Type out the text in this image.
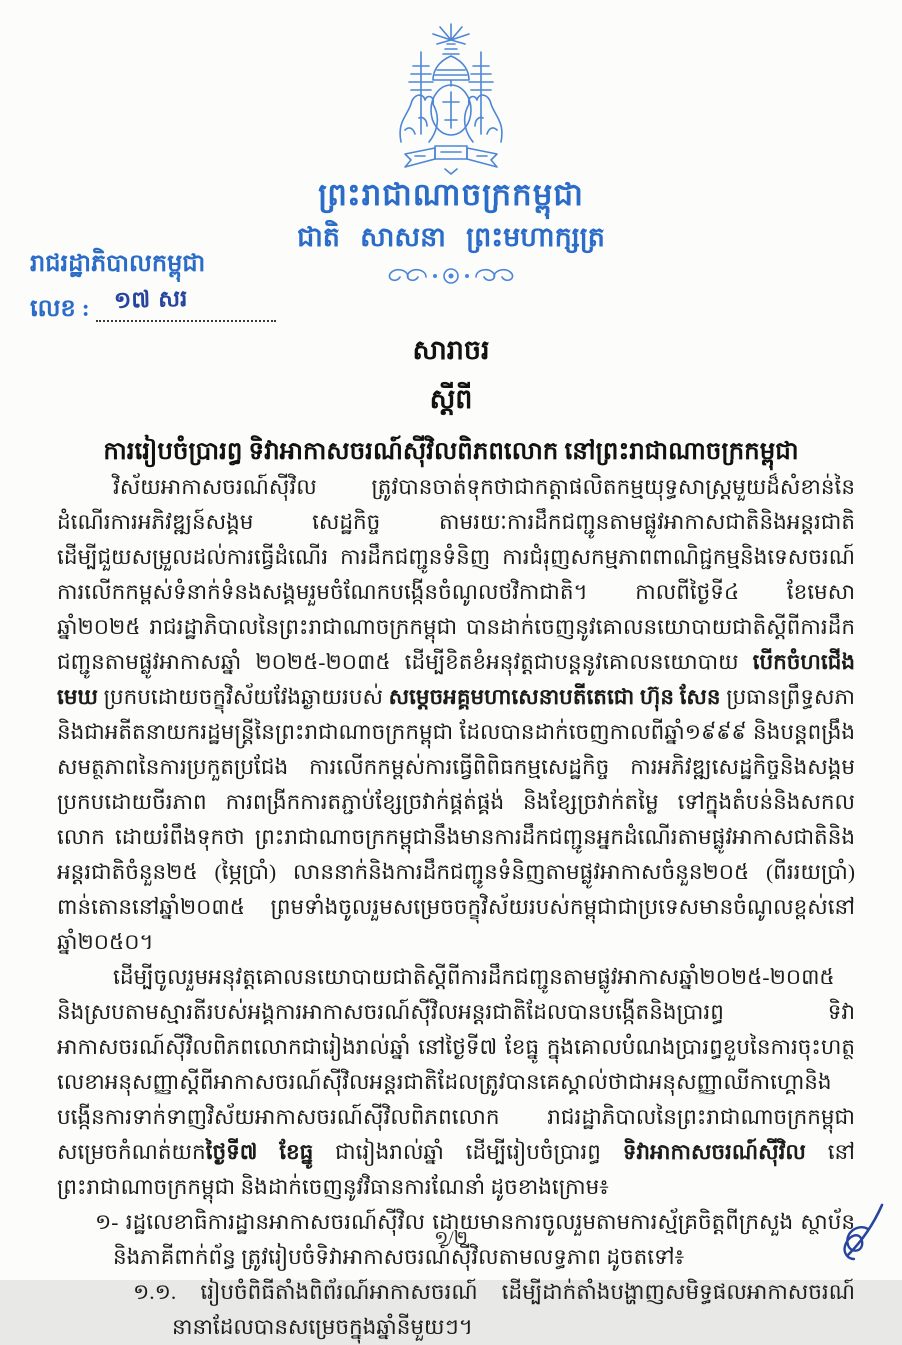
ព្រះរាជាណាចក្រកម្ពុជា
ជាតិ   សាសនា   ព្រះមហាក្សត្រ
រាជរដ្ឋាភិបាលកម្ពុជា
លេខ : ១៧ សរ

សារាចរ

ស្តីពី

ការរៀបចំប្រារព្ធ ទិវាអាកាសចរណ៍ស៊ីវិលពិភពលោក នៅព្រះរាជាណាចក្រកម្ពុជា

វិស័យអាកាសចរណ៍ស៊ីវិល ត្រូវបានចាត់ទុកថាជាកត្តាផលិតកម្មយុទ្ធសាស្ត្រមួយដ៏សំខាន់នៃដំណើរការអភិវឌ្ឍន៍សង្គម សេដ្ឋកិច្ច តាមរយៈការដឹកជញ្ជូនតាមផ្លូវអាកាសជាតិនិងអន្តរជាតិ ដើម្បីជួយសម្រួលដល់ការធ្វើដំណើរ ការដឹកជញ្ជូនទំនិញ ការជំរុញសកម្មភាពពាណិជ្ជកម្មនិងទេសចរណ៍ ការលើកកម្ពស់ទំនាក់ទំនងសង្គមរួមចំណែកបង្កើនចំណូលថវិកាជាតិ។ កាលពីថ្ងៃទី៤ ខែមេសា ឆ្នាំ២០២៥ រាជរដ្ឋាភិបាលនៃព្រះរាជាណាចក្រកម្ពុជា បានដាក់ចេញនូវគោលនយោបាយជាតិស្តីពីការដឹកជញ្ជូនតាមផ្លូវអាកាសឆ្នាំ ២០២៥-២០៣៥ ដើម្បីខិតខំអនុវត្តជាបន្តនូវគោលនយោបាយ បើកចំហជើងមេឃ ប្រកបដោយចក្ខុវិស័យវែងឆ្ងាយរបស់ សម្តេចអគ្គមហាសេនាបតីតេជោ ហ៊ុន សែន ប្រធានព្រឹទ្ធសភានិងជាអតីតនាយករដ្ឋមន្ត្រីនៃព្រះរាជាណាចក្រកម្ពុជា ដែលបានដាក់ចេញកាលពីឆ្នាំ១៩៩៩ និងបន្តពង្រឹងសមត្ថភាពនៃការប្រកួតប្រជែង ការលើកកម្ពស់ការធ្វើពិពិធកម្មសេដ្ឋកិច្ច ការអភិវឌ្ឍសេដ្ឋកិច្ចនិងសង្គមប្រកបដោយចីរភាព ការពង្រីកការតភ្ជាប់ខ្សែច្រវាក់ផ្គត់ផ្គង់ និងខ្សែច្រវាក់តម្លៃ ទៅក្នុងតំបន់និងសកលលោក ដោយរំពឹងទុកថា ព្រះរាជាណាចក្រកម្ពុជានឹងមានការដឹកជញ្ជូនអ្នកដំណើរតាមផ្លូវអាកាសជាតិនិងអន្តរជាតិចំនួន២៥ (ម្ភៃប្រាំ) លាននាក់និងការដឹកជញ្ជូនទំនិញតាមផ្លូវអាកាសចំនួន២០៥ (ពីររយប្រាំ) ពាន់តោននៅឆ្នាំ២០៣៥ ព្រមទាំងចូលរួមសម្រេចចក្ខុវិស័យរបស់កម្ពុជាជាប្រទេសមានចំណូលខ្ពស់នៅឆ្នាំ២០៥០។

ដើម្បីចូលរួមអនុវត្តគោលនយោបាយជាតិស្តីពីការដឹកជញ្ជូនតាមផ្លូវអាកាសឆ្នាំ២០២៥-២០៣៥ និងស្របតាមស្មារតីរបស់អង្គការអាកាសចរណ៍ស៊ីវិលអន្តរជាតិដែលបានបង្កើតនិងប្រារព្ធ ទិវាអាកាសចរណ៍ស៊ីវិលពិភពលោកជារៀងរាល់ឆ្នាំ នៅថ្ងៃទី៧ ខែធ្នូ ក្នុងគោលបំណងប្រារព្ធខួបនៃការចុះហត្ថលេខាអនុសញ្ញាស្តីពីអាកាសចរណ៍ស៊ីវិលអន្តរជាតិដែលត្រូវបានគេស្គាល់ថាជាអនុសញ្ញាឈីកាហ្គោនិងបង្កើនការទាក់ទាញវិស័យអាកាសចរណ៍ស៊ីវិលពិភពលោក រាជរដ្ឋាភិបាលនៃព្រះរាជាណាចក្រកម្ពុជាសម្រេចកំណត់យកថ្ងៃទី៧ ខែធ្នូ ជារៀងរាល់ឆ្នាំ ដើម្បីរៀបចំប្រារព្ធ ទិវាអាកាសចរណ៍ស៊ីវិល នៅព្រះរាជាណាចក្រកម្ពុជា និងដាក់ចេញនូវវិធានការណែនាំ ដូចខាងក្រោម៖

១- រដ្ឋលេខាធិការដ្ឋានអាកាសចរណ៍ស៊ីវិល ដោយមានការចូលរួមតាមការស្ម័គ្រចិត្តពីក្រសួង ស្ថាប័ន និងភាគីពាក់ព័ន្ធ ត្រូវរៀបចំទិវាអាកាសចរណ៍ស៊ីវិលតាមលទ្ធភាព ដូចតទៅ៖

១.១. រៀបចំពិធីតាំងពិព័រណ៍អាកាសចរណ៍ ដើម្បីដាក់តាំងបង្ហាញសមិទ្ធផលអាកាសចរណ៍នានាដែលបានសម្រេចក្នុងឆ្នាំនីមួយៗ។

១/២
